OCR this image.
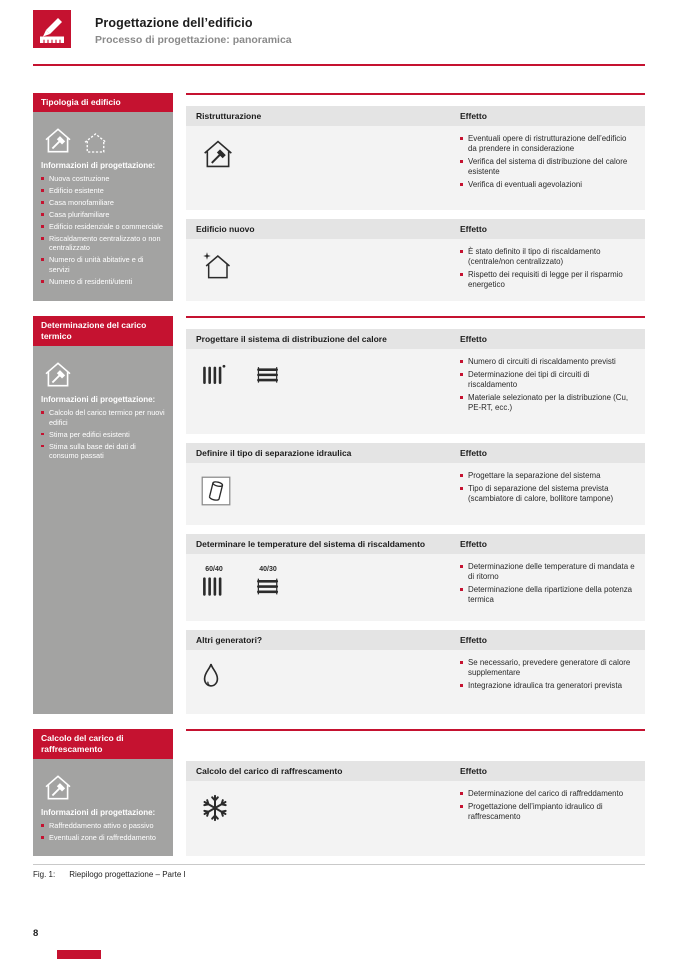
Progettazione dell’edificio
Processo di progettazione: panoramica
Tipologia di edificio
Informazioni di progettazione:
Nuova costruzione
Edificio esistente
Casa monofamiliare
Casa plurifamiliare
Edificio residenziale o commerciale
Riscaldamento centralizzato o non centralizzato
Numero di unità abitative e di servizi
Numero di residenti/utenti
Ristrutturazione	Effetto
Eventuali opere di ristrutturazione dell’edificio da prendere in considerazione
Verifica del sistema di distribuzione del calore esistente
Verifica di eventuali agevolazioni
Edificio nuovo	Effetto
È stato definito il tipo di riscaldamento (centrale/non centralizzato)
Rispetto dei requisiti di legge per il risparmio energetico
Determinazione del carico termico
Informazioni di progettazione:
Calcolo del carico termico per nuovi edifici
Stima per edifici esistenti
Stima sulla base dei dati di consumo passati
Progettare il sistema di distribuzione del calore	Effetto
Numero di circuiti di riscaldamento previsti
Determinazione dei tipi di circuiti di riscaldamento
Materiale selezionato per la distribuzione (Cu, PE-RT, ecc.)
Definire il tipo di separazione idraulica	Effetto
Progettare la separazione del sistema
Tipo di separazione del sistema prevista (scambiatore di calore, bollitore tampone)
Determinare le temperature del sistema di riscaldamento	Effetto
60/40	40/30	Determinazione delle temperature di mandata e di ritorno
Determinazione della ripartizione della potenza termica
Altri generatori?	Effetto
Se necessario, prevedere generatore di calore supplementare
Integrazione idraulica tra generatori prevista
Calcolo del carico di raffrescamento
Informazioni di progettazione:
Raffreddamento attivo o passivo
Eventuali zone di raffreddamento
Calcolo del carico di raffrescamento	Effetto
Determinazione del carico di raffreddamento
Progettazione dell’impianto idraulico di raffrescamento
Fig. 1: Riepilogo progettazione – Parte I
8
